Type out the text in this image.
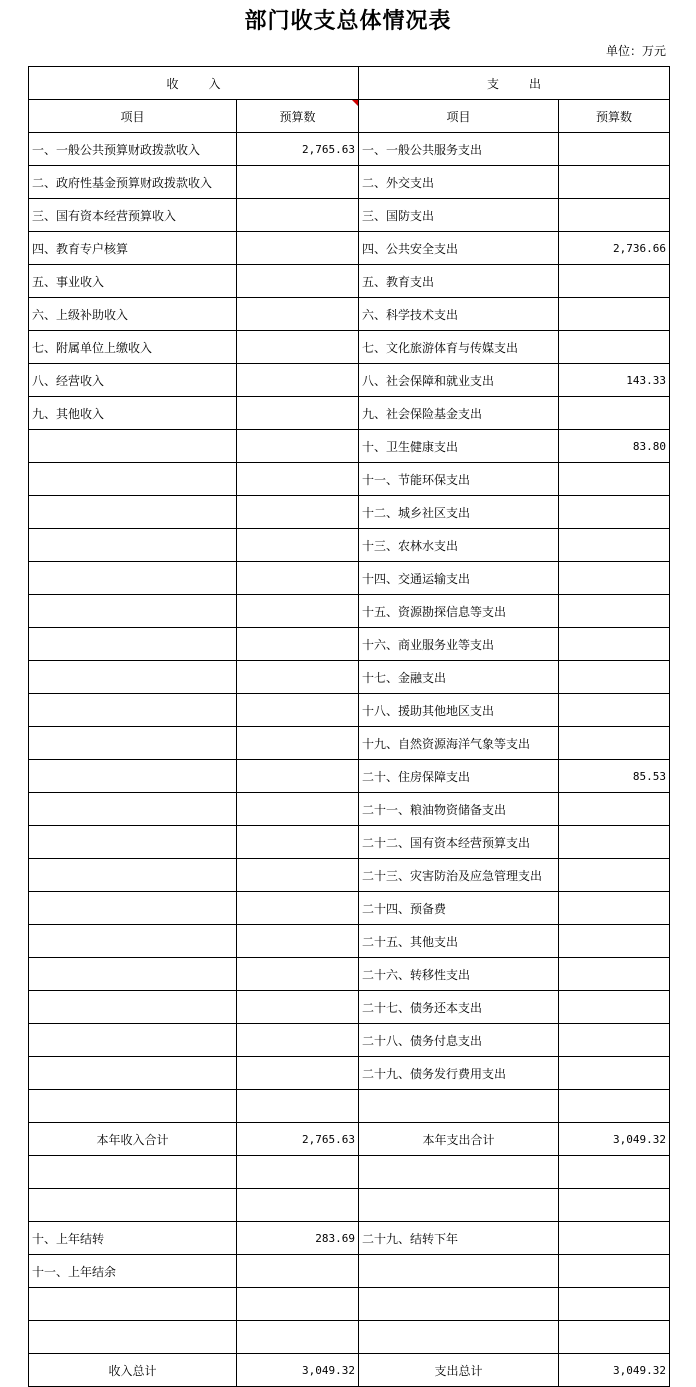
部门收支总体情况表
单位：万元
收入		支出	
项目	预算数	项目	预算数
一、一般公共预算财政拨款收入	2,765.63	一、一般公共服务支出	
二、政府性基金预算财政拨款收入		二、外交支出	
三、国有资本经营预算收入		三、国防支出	
四、教育专户核算		四、公共安全支出	2,736.66
五、事业收入		五、教育支出	
六、上级补助收入		六、科学技术支出	
七、附属单位上缴收入		七、文化旅游体育与传媒支出	
八、经营收入		八、社会保障和就业支出	143.33
九、其他收入		九、社会保险基金支出	
		十、卫生健康支出	83.80
		十一、节能环保支出	
		十二、城乡社区支出	
		十三、农林水支出	
		十四、交通运输支出	
		十五、资源勘探信息等支出	
		十六、商业服务业等支出	
		十七、金融支出	
		十八、援助其他地区支出	
		十九、自然资源海洋气象等支出	
		二十、住房保障支出	85.53
		二十一、粮油物资储备支出	
		二十二、国有资本经营预算支出	
		二十三、灾害防治及应急管理支出	
		二十四、预备费	
		二十五、其他支出	
		二十六、转移性支出	
		二十七、债务还本支出	
		二十八、债务付息支出	
		二十九、债务发行费用支出	

本年收入合计	2,765.63	本年支出合计	3,049.32

十、上年结转	283.69	二十九、结转下年	
十一、上年结余			

收入总计	3,049.32	支出总计	3,049.32
